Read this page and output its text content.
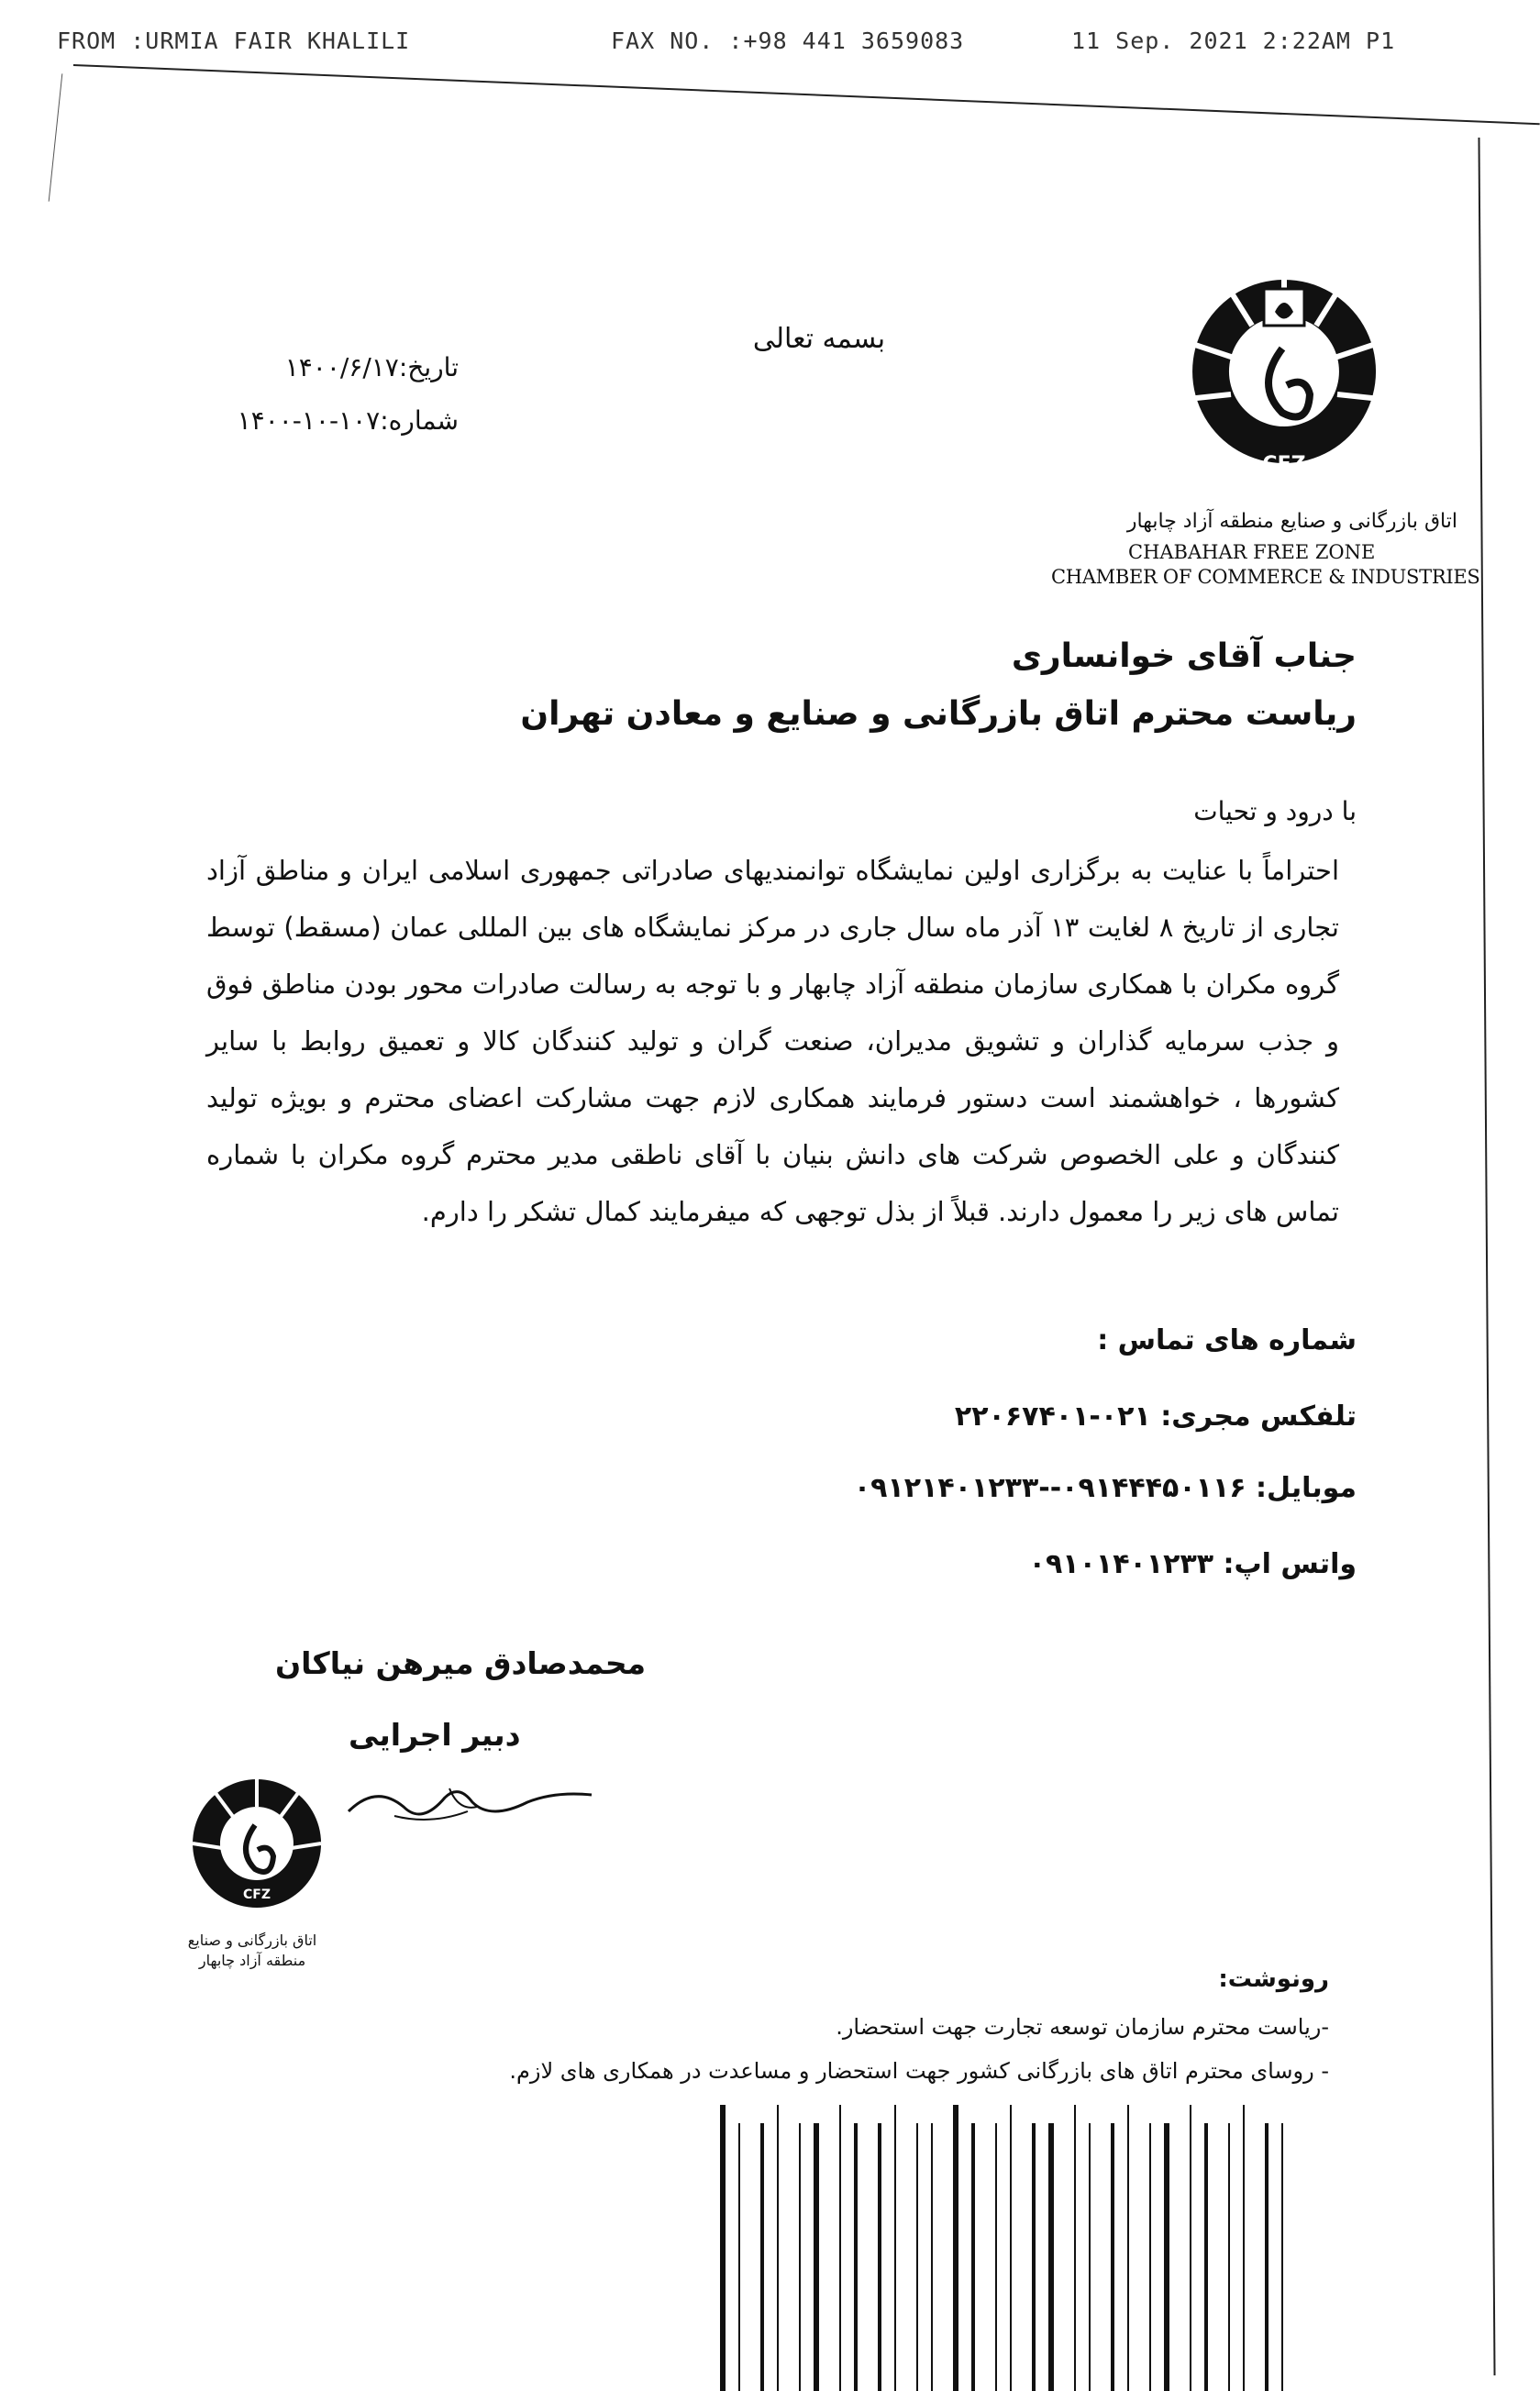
FROM :URMIA FAIR KHALILI	FAX NO. :+98 441 3659083	11 Sep. 2021 2:22AM P1
بسمه تعالی
تاریخ:۱۴۰۰/۶/۱۷
شماره:۱۰۷-۱۰-۱۴۰۰
CFZ
اتاق بازرگانی و صنایع منطقه آزاد چابهار
CHABAHAR FREE ZONE
CHAMBER OF COMMERCE & INDUSTRIES
جناب آقای خوانساری
ریاست محترم اتاق بازرگانی و صنایع و معادن تهران
با درود و تحیات
احتراماً با عنایت به برگزاری اولین نمایشگاه توانمندیهای صادراتی جمهوری اسلامی ایران و مناطق آزاد تجاری از تاریخ ۸ لغایت ۱۳ آذر ماه سال جاری در مرکز نمایشگاه های بین المللی عمان (مسقط) توسط گروه مکران با همکاری سازمان منطقه آزاد چابهار و با توجه به رسالت صادرات محور بودن مناطق فوق و جذب سرمایه گذاران و تشویق مدیران، صنعت گران و تولید کنندگان کالا و تعمیق روابط با سایر کشورها ، خواهشمند است دستور فرمایند همکاری لازم جهت مشارکت اعضای محترم و بویژه تولید کنندگان و علی الخصوص شرکت های دانش بنیان با آقای ناطقی مدیر محترم گروه مکران با شماره تماس های زیر را معمول دارند. قبلاً از بذل توجهی که میفرمایند کمال تشکر را دارم.
شماره های تماس :
تلفکس مجری: ۰۲۱-۲۲۰۶۷۴۰۱
موبایل: ۰۹۱۴۴۴۵۰۱۱۶--۰۹۱۲۱۴۰۱۲۳۳
واتس اپ: ۰۹۱۰۱۴۰۱۲۳۳
محمدصادق میرهن نیاکان
دبیر اجرایی
CFZ
اتاق بازرگانی و صنایع
منطقه آزاد چابهار
رونوشت:
-ریاست محترم سازمان توسعه تجارت جهت استحضار.
- روسای محترم اتاق های بازرگانی کشور جهت استحضار و مساعدت در همکاری های لازم.
